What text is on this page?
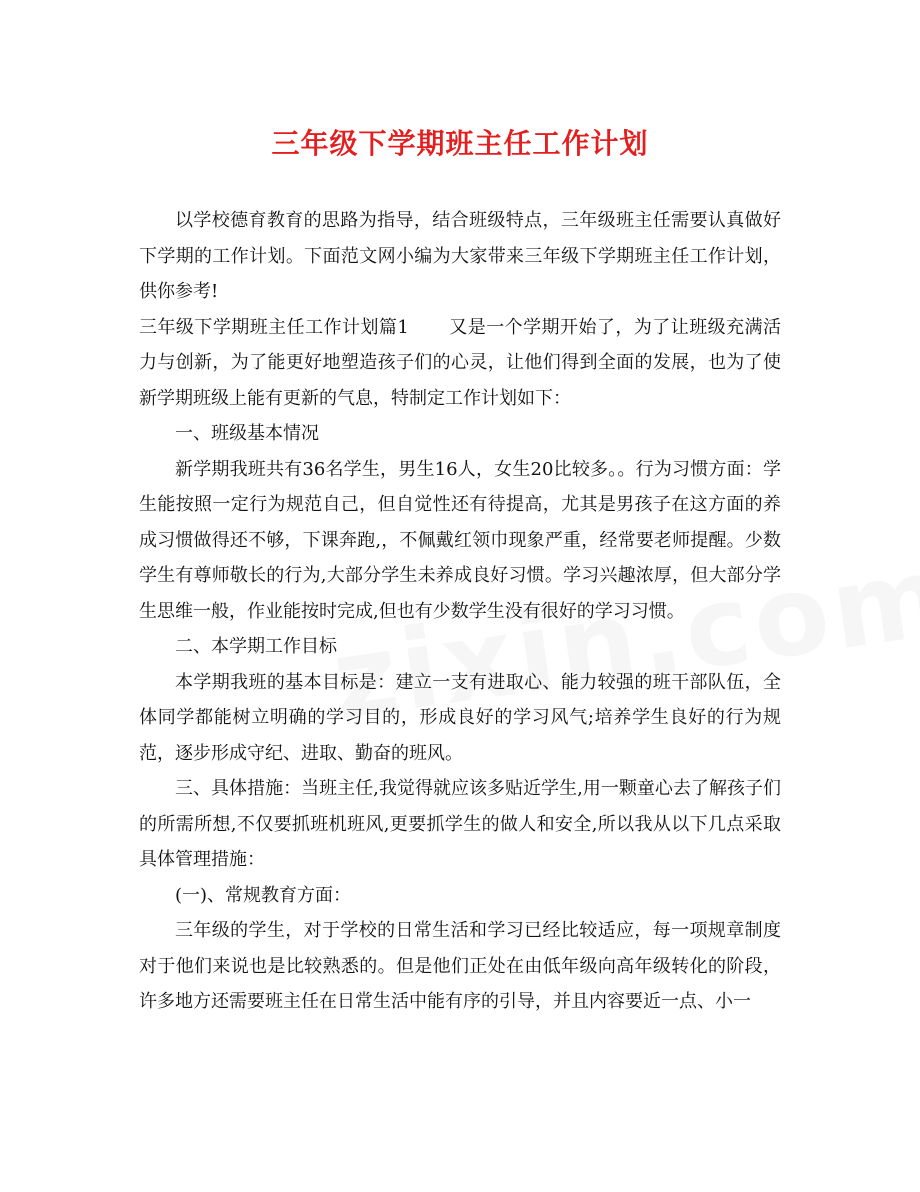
三年级下学期班主任工作计划

以学校德育教育的思路为指导，结合班级特点，三年级班主任需要认真做好下学期的工作计划。下面范文网小编为大家带来三年级下学期班主任工作计划，供你参考!

三年级下学期班主任工作计划篇1 又是一个学期开始了，为了让班级充满活力与创新，为了能更好地塑造孩子们的心灵，让他们得到全面的发展，也为了使新学期班级上能有更新的气息，特制定工作计划如下：

一、班级基本情况

新学期我班共有36名学生，男生16人，女生20比较多。。行为习惯方面：学生能按照一定行为规范自己，但自觉性还有待提高，尤其是男孩子在这方面的养成习惯做得还不够，下课奔跑,，不佩戴红领巾现象严重，经常要老师提醒。少数学生有尊师敬长的行为,大部分学生未养成良好习惯。学习兴趣浓厚，但大部分学生思维一般，作业能按时完成,但也有少数学生没有很好的学习习惯。

二、本学期工作目标

本学期我班的基本目标是：建立一支有进取心、能力较强的班干部队伍，全体同学都能树立明确的学习目的，形成良好的学习风气;培养学生良好的行为规范，逐步形成守纪、进取、勤奋的班风。

三、具体措施：当班主任,我觉得就应该多贴近学生,用一颗童心去了解孩子们的所需所想,不仅要抓班机班风,更要抓学生的做人和安全,所以我从以下几点采取具体管理措施：

(一)、常规教育方面：

三年级的学生，对于学校的日常生活和学习已经比较适应，每一项规章制度对于他们来说也是比较熟悉的。但是他们正处在由低年级向高年级转化的阶段，许多地方还需要班主任在日常生活中能有序的引导，并且内容要近一点、小一
